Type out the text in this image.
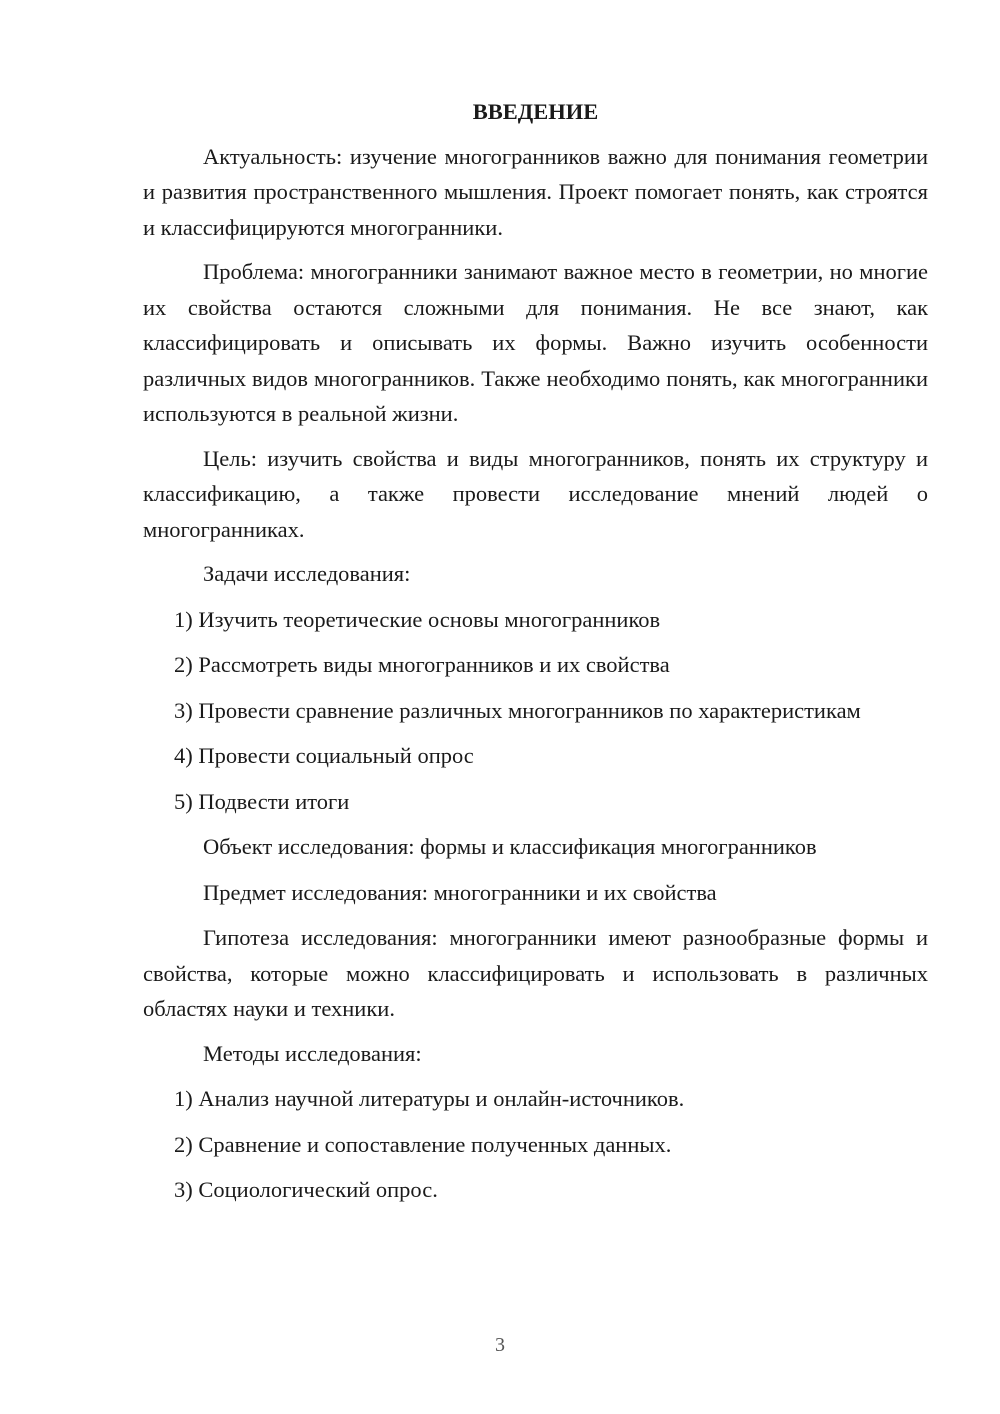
ВВЕДЕНИЕ

Актуальность: изучение многогранников важно для понимания геометрии и развития пространственного мышления. Проект помогает понять, как строятся и классифицируются многогранники.

Проблема: многогранники занимают важное место в геометрии, но многие их свойства остаются сложными для понимания. Не все знают, как классифицировать и описывать их формы. Важно изучить особенности различных видов многогранников. Также необходимо понять, как многогранники используются в реальной жизни.

Цель: изучить свойства и виды многогранников, понять их структуру и классификацию, а также провести исследование мнений людей о многогранниках.

Задачи исследования:
1) Изучить теоретические основы многогранников
2) Рассмотреть виды многогранников и их свойства
3) Провести сравнение различных многогранников по характеристикам
4) Провести социальный опрос
5) Подвести итоги
Объект исследования: формы и классификация многогранников
Предмет исследования: многогранники и их свойства

Гипотеза исследования: многогранники имеют разнообразные формы и свойства, которые можно классифицировать и использовать в различных областях науки и техники.

Методы исследования:
1) Анализ научной литературы и онлайн-источников.
2) Сравнение и сопоставление полученных данных.
3) Социологический опрос.
3
